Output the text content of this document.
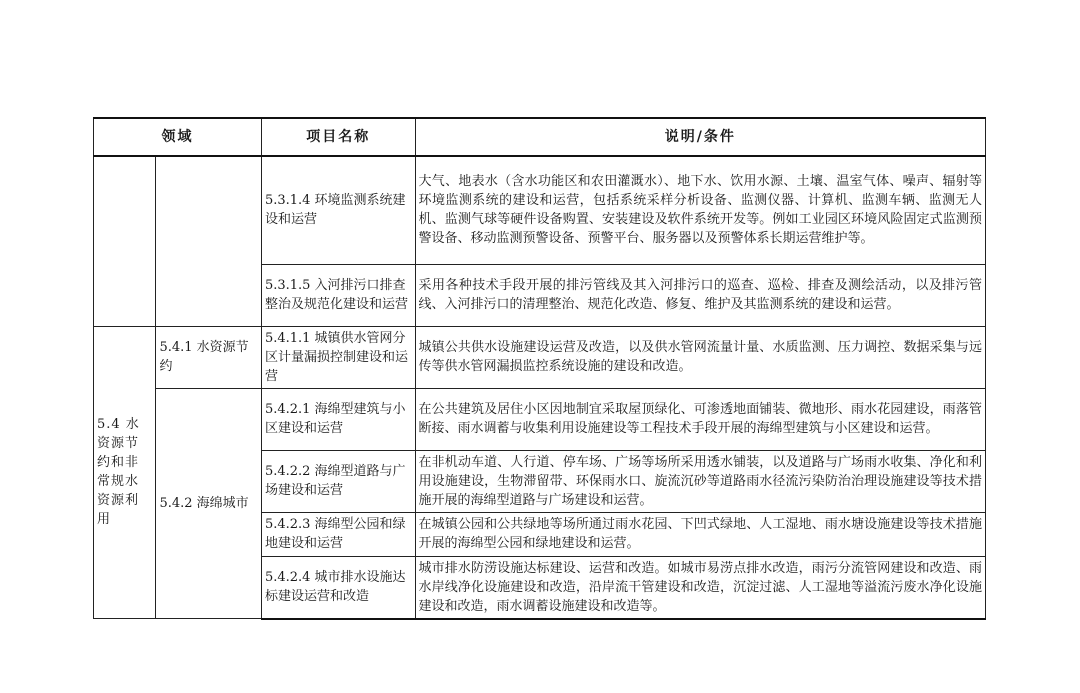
领域		项目名称	说明/条件
		5.3.1.4 环境监测系统建设和运营	大气、地表水（含水功能区和农田灌溉水）、地下水、饮用水源、土壤、温室气体、噪声、辐射等环境监测系统的建设和运营，包括系统采样分析设备、监测仪器、计算机、监测车辆、监测无人机、监测气球等硬件设备购置、安装建设及软件系统开发等。例如工业园区环境风险固定式监测预警设备、移动监测预警设备、预警平台、服务器以及预警体系长期运营维护等。
		5.3.1.5 入河排污口排查整治及规范化建设和运营	采用各种技术手段开展的排污管线及其入河排污口的巡查、巡检、排查及测绘活动，以及排污管线、入河排污口的清理整治、规范化改造、修复、维护及其监测系统的建设和运营。
5.4 水资源节约和非常规水资源利用	5.4.1 水资源节约	5.4.1.1 城镇供水管网分区计量漏损控制建设和运营	城镇公共供水设施建设运营及改造，以及供水管网流量计量、水质监测、压力调控、数据采集与远传等供水管网漏损监控系统设施的建设和改造。
	5.4.2 海绵城市	5.4.2.1 海绵型建筑与小区建设和运营	在公共建筑及居住小区因地制宜采取屋顶绿化、可渗透地面铺装、微地形、雨水花园建设，雨落管断接、雨水调蓄与收集利用设施建设等工程技术手段开展的海绵型建筑与小区建设和运营。
		5.4.2.2 海绵型道路与广场建设和运营	在非机动车道、人行道、停车场、广场等场所采用透水铺装，以及道路与广场雨水收集、净化和利用设施建设，生物滞留带、环保雨水口、旋流沉砂等道路雨水径流污染防治治理设施建设等技术措施开展的海绵型道路与广场建设和运营。
		5.4.2.3 海绵型公园和绿地建设和运营	在城镇公园和公共绿地等场所通过雨水花园、下凹式绿地、人工湿地、雨水塘设施建设等技术措施开展的海绵型公园和绿地建设和运营。
		5.4.2.4 城市排水设施达标建设运营和改造	城市排水防涝设施达标建设、运营和改造。如城市易涝点排水改造，雨污分流管网建设和改造、雨水岸线净化设施建设和改造，沿岸流干管建设和改造，沉淀过滤、人工湿地等溢流污废水净化设施建设和改造，雨水调蓄设施建设和改造等。
